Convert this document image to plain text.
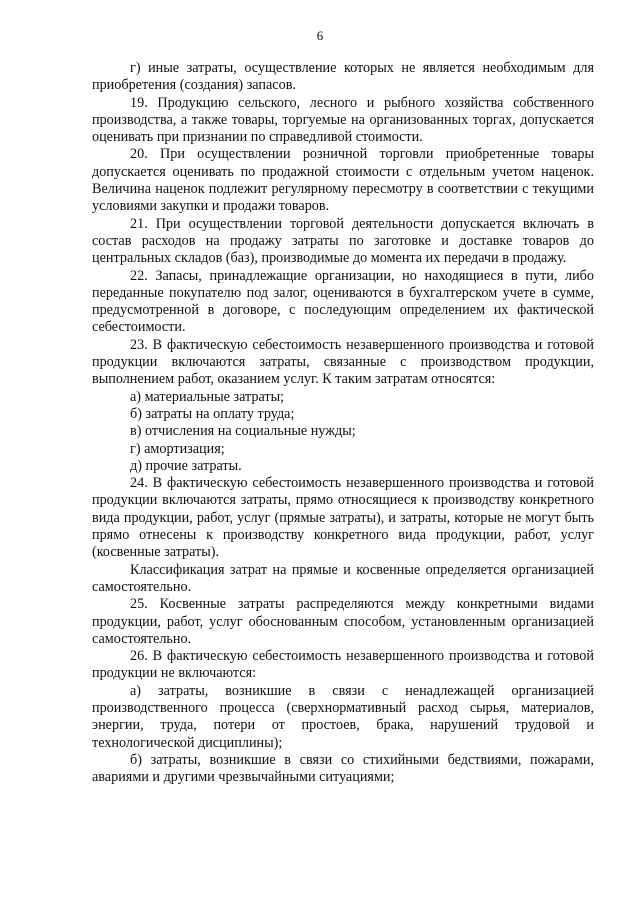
6

г) иные затраты, осуществление которых не является необходимым для приобретения (создания) запасов.

19. Продукцию сельского, лесного и рыбного хозяйства собственного производства, а также товары, торгуемые на организованных торгах, допускается оценивать при признании по справедливой стоимости.

20. При осуществлении розничной торговли приобретенные товары допускается оценивать по продажной стоимости с отдельным учетом наценок. Величина наценок подлежит регулярному пересмотру в соответствии с текущими условиями закупки и продажи товаров.

21. При осуществлении торговой деятельности допускается включать в состав расходов на продажу затраты по заготовке и доставке товаров до центральных складов (баз), производимые до момента их передачи в продажу.

22. Запасы, принадлежащие организации, но находящиеся в пути, либо переданные покупателю под залог, оцениваются в бухгалтерском учете в сумме, предусмотренной в договоре, с последующим определением их фактической себестоимости.

23. В фактическую себестоимость незавершенного производства и готовой продукции включаются затраты, связанные с производством продукции, выполнением работ, оказанием услуг. К таким затратам относятся:

а) материальные затраты;

б) затраты на оплату труда;

в) отчисления на социальные нужды;

г) амортизация;

д) прочие затраты.

24. В фактическую себестоимость незавершенного производства и готовой продукции включаются затраты, прямо относящиеся к производству конкретного вида продукции, работ, услуг (прямые затраты), и затраты, которые не могут быть прямо отнесены к производству конкретного вида продукции, работ, услуг (косвенные затраты).

Классификация затрат на прямые и косвенные определяется организацией самостоятельно.

25. Косвенные затраты распределяются между конкретными видами продукции, работ, услуг обоснованным способом, установленным организацией самостоятельно.

26. В фактическую себестоимость незавершенного производства и готовой продукции не включаются:

а) затраты, возникшие в связи с ненадлежащей организацией производственного процесса (сверхнормативный расход сырья, материалов, энергии, труда, потери от простоев, брака, нарушений трудовой и технологической дисциплины);

б) затраты, возникшие в связи со стихийными бедствиями, пожарами, авариями и другими чрезвычайными ситуациями;
